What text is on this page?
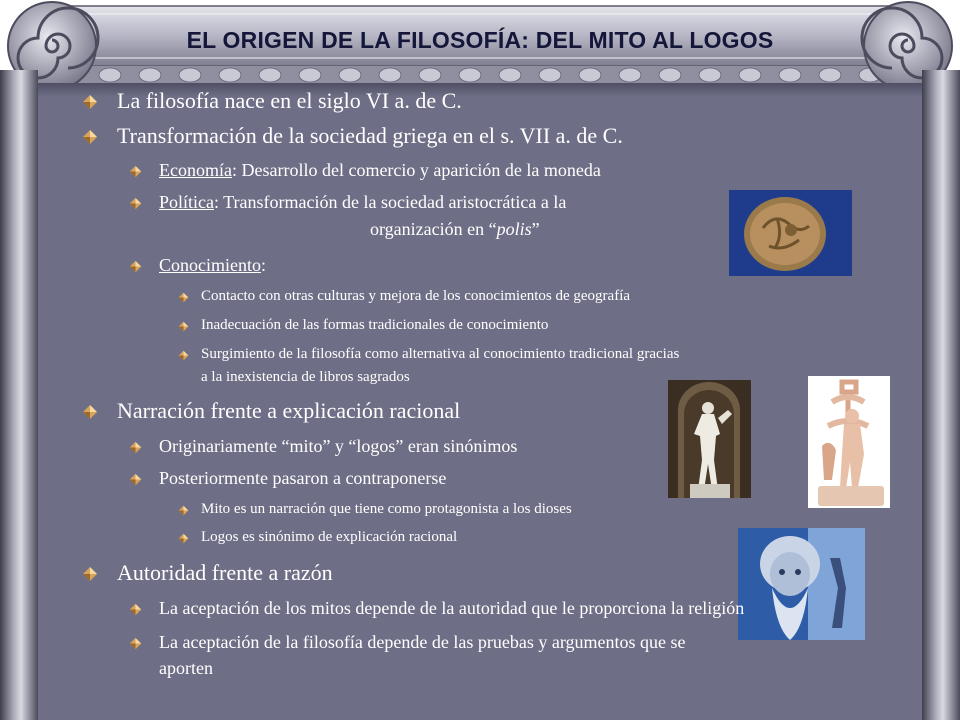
EL ORIGEN DE LA FILOSOFÍA: DEL MITO AL LOGOS
La filosofía nace en el siglo VI a. de C.
Transformación de la sociedad griega en el s. VII a. de C.
Economía: Desarrollo del comercio y aparición de la moneda
Política: Transformación de la sociedad aristocrática a la
organización en “polis”
Conocimiento:
Contacto con otras culturas y mejora de los conocimientos de geografía
Inadecuación de las formas tradicionales de conocimiento
Surgimiento de la filosofía como alternativa al conocimiento tradicional gracias
a la inexistencia de libros sagrados
Narración frente a explicación racional
Originariamente “mito” y “logos” eran sinónimos
Posteriormente pasaron a contraponerse
Mito es un narración que tiene como protagonista a los dioses
Logos es sinónimo de explicación racional
Autoridad frente a razón
La aceptación de los mitos depende de la autoridad que le proporciona la religión
La aceptación de la filosofía depende de las pruebas y argumentos que se
aporten
